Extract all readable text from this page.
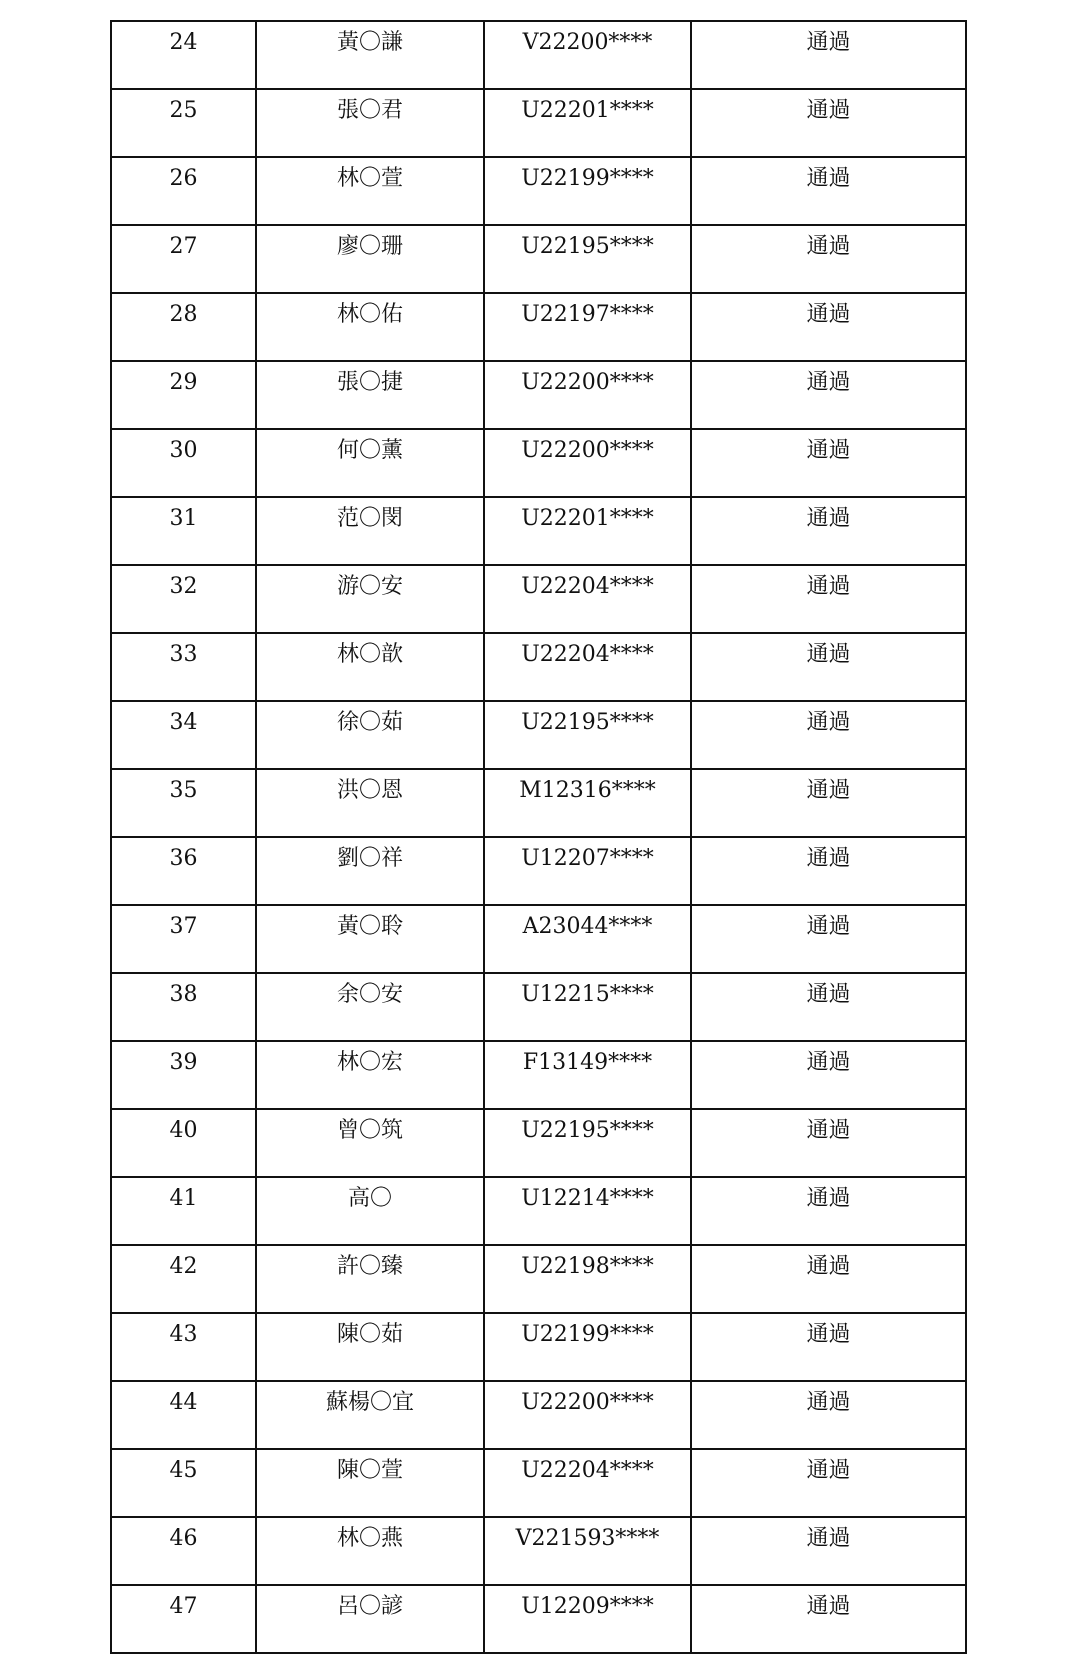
24	黃〇謙	V22200****	通過
25	張〇君	U22201****	通過
26	林〇萱	U22199****	通過
27	廖〇珊	U22195****	通過
28	林〇佑	U22197****	通過
29	張〇捷	U22200****	通過
30	何〇薰	U22200****	通過
31	范〇閔	U22201****	通過
32	游〇安	U22204****	通過
33	林〇歆	U22204****	通過
34	徐〇茹	U22195****	通過
35	洪〇恩	M12316****	通過
36	劉〇祥	U12207****	通過
37	黃〇聆	A23044****	通過
38	余〇安	U12215****	通過
39	林〇宏	F13149****	通過
40	曾〇筑	U22195****	通過
41	高〇	U12214****	通過
42	許〇臻	U22198****	通過
43	陳〇茹	U22199****	通過
44	蘇楊〇宜	U22200****	通過
45	陳〇萱	U22204****	通過
46	林〇燕	V221593****	通過
47	呂〇諺	U12209****	通過
